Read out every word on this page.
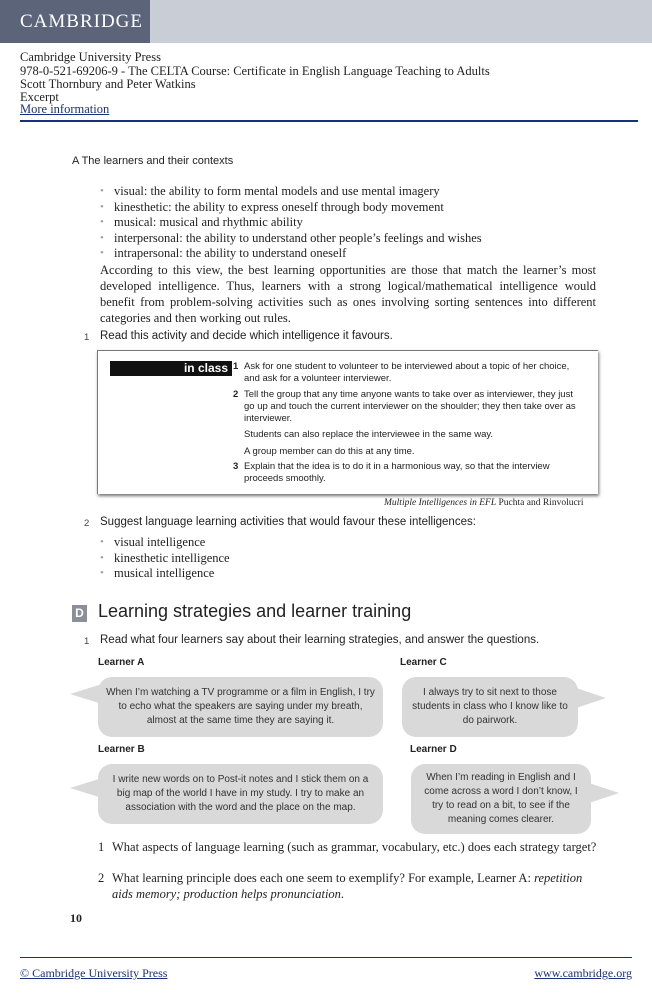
CAMBRIDGE
Cambridge University Press
978-0-521-69206-9 - The CELTA Course: Certificate in English Language Teaching to Adults
Scott Thornbury and Peter Watkins
Excerpt
More information
A The learners and their contexts
• visual: the ability to form mental models and use mental imagery
• kinesthetic: the ability to express oneself through body movement
• musical: musical and rhythmic ability
• interpersonal: the ability to understand other people’s feelings and wishes
• intrapersonal: the ability to understand oneself
According to this view, the best learning opportunities are those that match the learner’s most developed intelligence. Thus, learners with a strong logical/mathematical intelligence would benefit from problem-solving activities such as ones involving sorting sentences into different categories and then working out rules.
1 Read this activity and decide which intelligence it favours.
in class 1 Ask for one student to volunteer to be interviewed about a topic of her choice, and ask for a volunteer interviewer.
2 Tell the group that any time anyone wants to take over as interviewer, they just go up and touch the current interviewer on the shoulder; they then take over as interviewer.
Students can also replace the interviewee in the same way.
A group member can do this at any time.
3 Explain that the idea is to do it in a harmonious way, so that the interview proceeds smoothly.
Multiple Intelligences in EFL Puchta and Rinvolucri
2 Suggest language learning activities that would favour these intelligences:
• visual intelligence
• kinesthetic intelligence
• musical intelligence
D Learning strategies and learner training
1 Read what four learners say about their learning strategies, and answer the questions.
Learner A
When I’m watching a TV programme or a film in English, I try to echo what the speakers are saying under my breath, almost at the same time they are saying it.
Learner C
I always try to sit next to those students in class who I know like to do pairwork.
Learner B
I write new words on to Post-it notes and I stick them on a big map of the world I have in my study. I try to make an association with the word and the place on the map.
Learner D
When I’m reading in English and I come across a word I don’t know, I try to read on a bit, to see if the meaning comes clearer.
1 What aspects of language learning (such as grammar, vocabulary, etc.) does each strategy target?
2 What learning principle does each one seem to exemplify? For example, Learner A: repetition aids memory; production helps pronunciation.
10
© Cambridge University Press	www.cambridge.org
